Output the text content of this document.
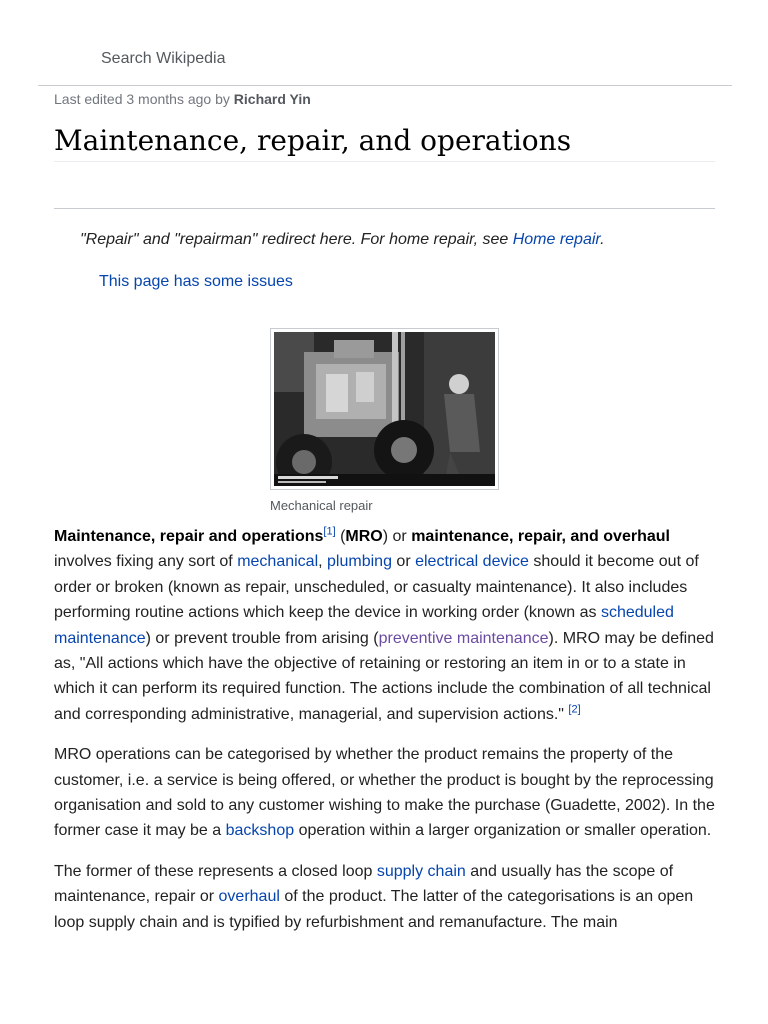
Search Wikipedia
Last edited 3 months ago by Richard Yin
Maintenance, repair, and operations
"Repair" and "repairman" redirect here. For home repair, see Home repair.
This page has some issues
Mechanical repair

Maintenance, repair and operations[1] (MRO) or maintenance, repair, and overhaul involves fixing any sort of mechanical, plumbing or electrical device should it become out of order or broken (known as repair, unscheduled, or casualty maintenance). It also includes performing routine actions which keep the device in working order (known as scheduled maintenance) or prevent trouble from arising (preventive maintenance). MRO may be defined as, "All actions which have the objective of retaining or restoring an item in or to a state in which it can perform its required function. The actions include the combination of all technical and corresponding administrative, managerial, and supervision actions." [2]

MRO operations can be categorised by whether the product remains the property of the customer, i.e. a service is being offered, or whether the product is bought by the reprocessing organisation and sold to any customer wishing to make the purchase (Guadette, 2002). In the former case it may be a backshop operation within a larger organization or smaller operation.

The former of these represents a closed loop supply chain and usually has the scope of maintenance, repair or overhaul of the product. The latter of the categorisations is an open loop supply chain and is typified by refurbishment and remanufacture. The main
